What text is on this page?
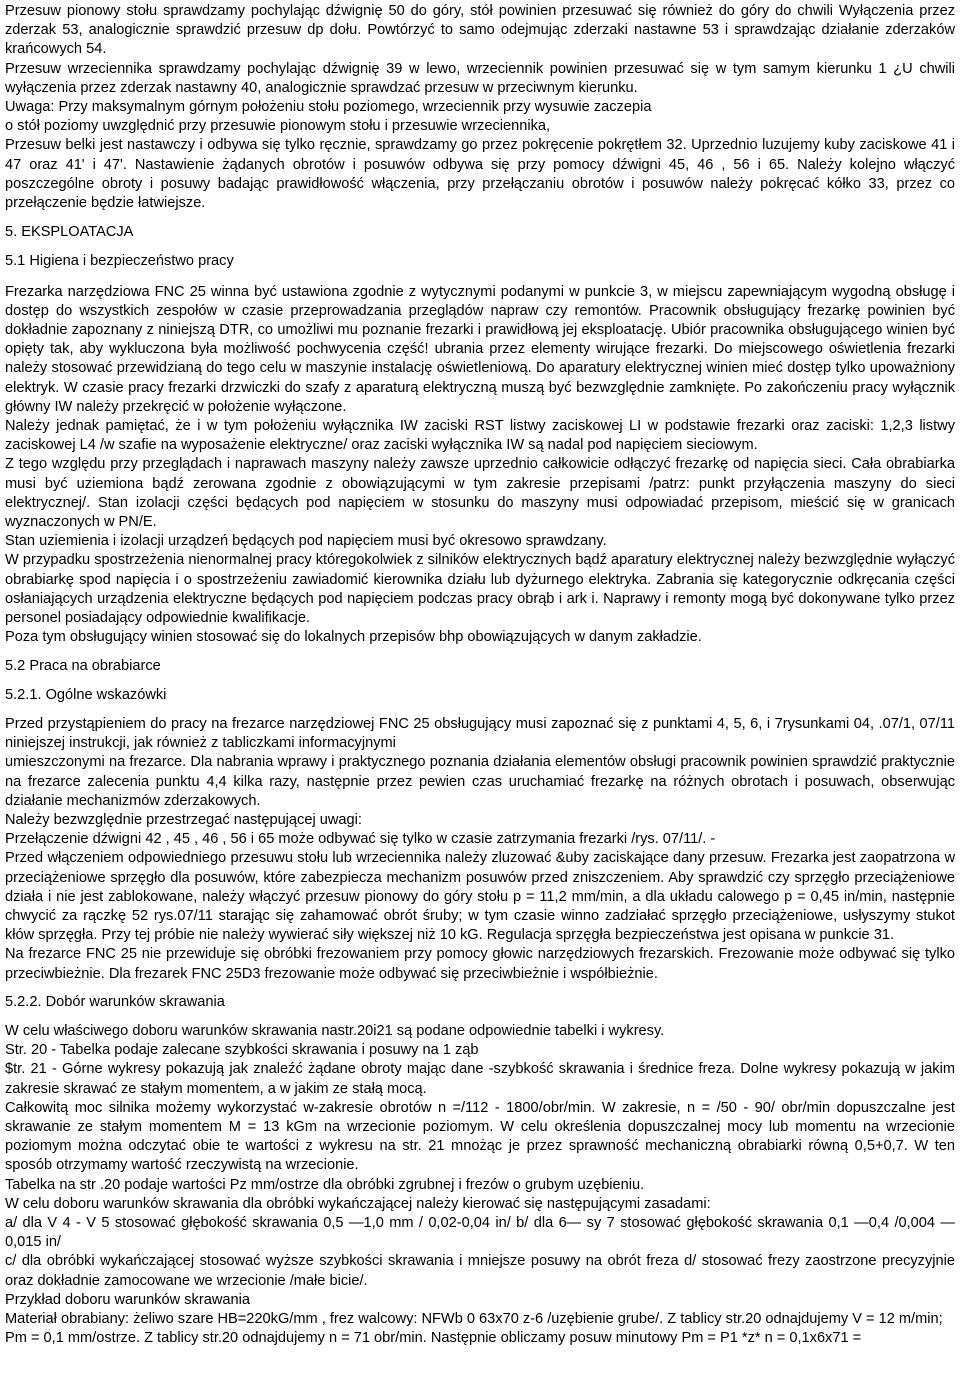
Przesuw pionowy stołu sprawdzamy pochylając dźwignię 50 do góry, stół powinien przesuwać się również do góry do chwili Wyłączenia przez zderzak 53, analogicznie sprawdzić przesuw dp dołu. Powtórzyć to samo odejmując zderzaki nastawne 53 i sprawdzając działanie zderzaków krańcowych 54.

Przesuw wrzeciennika sprawdzamy pochylając dźwignię 39 w lewo, wrzeciennik powinien przesuwać się w tym samym kierunku 1 ¿U chwili wyłączenia przez zderzak nastawny 40, analogicznie sprawdzać przesuw w przeciwnym kierunku.

Uwaga: Przy maksymalnym górnym położeniu stołu poziomego, wrzeciennik przy wysuwie zaczepia

o stół poziomy uwzględnić przy przesuwie pionowym stołu i przesuwie wrzeciennika,

Przesuw belki jest nastawczy i odbywa się tylko ręcznie, sprawdzamy go przez pokręcenie pokrętłem 32. Uprzednio luzujemy kuby zaciskowe 41 i 47 oraz 41' i 47'. Nastawienie żądanych obrotów i posuwów odbywa się przy pomocy dźwigni 45, 46 , 56 i 65. Należy kolejno włączyć poszczególne obroty i posuwy badając prawidłowość włączenia, przy przełączaniu obrotów i posuwów należy pokręcać kółko 33, przez co przełączenie będzie łatwiejsze.

5. EKSPLOATACJA

5.1 Higiena i bezpieczeństwo pracy

Frezarka narzędziowa FNC 25 winna być ustawiona zgodnie z wytycznymi podanymi w punkcie 3, w miejscu zapewniającym wygodną obsługę i dostęp do wszystkich zespołów w czasie przeprowadzania przeglądów napraw czy remontów. Pracownik obsługujący frezarkę powinien być dokładnie zapoznany z niniejszą DTR, co umożliwi mu poznanie frezarki i prawidłową jej eksploatację. Ubiór pracownika obsługującego winien być opięty tak, aby wykluczona była możliwość pochwycenia część! ubrania przez elementy wirujące frezarki. Do miejscowego oświetlenia frezarki należy stosować przewidzianą do tego celu w maszynie instalację oświetleniową. Do aparatury elektrycznej winien mieć dostęp tylko upoważniony elektryk. W czasie pracy frezarki drzwiczki do szafy z aparaturą elektryczną muszą być bezwzględnie zamknięte. Po zakończeniu pracy wyłącznik główny IW należy przekręcić w położenie wyłączone.

Należy jednak pamiętać, że i w tym położeniu wyłącznika IW zaciski RST listwy zaciskowej LI w podstawie frezarki oraz zaciski: 1,2,3 listwy zaciskowej L4 /w szafie na wyposażenie elektryczne/ oraz zaciski wyłącznika IW są nadal pod napięciem sieciowym.

Z tego względu przy przeglądach i naprawach maszyny należy zawsze uprzednio całkowicie odłączyć frezarkę od napięcia sieci. Cała obrabiarka musi być uziemiona bądź zerowana zgodnie z obowiązującymi w tym zakresie przepisami /patrz: punkt przyłączenia maszyny do sieci elektrycznej/. Stan izolacji części będących pod napięciem w stosunku do maszyny musi odpowiadać przepisom, mieścić się w granicach wyznaczonych w PN/E.

Stan uziemienia i izolacji urządzeń będących pod napięciem musi być okresowo sprawdzany.

W przypadku spostrzeżenia nienormalnej pracy któregokolwiek z silników elektrycznych bądź aparatury elektrycznej należy bezwzględnie wyłączyć obrabiarkę spod napięcia i o spostrzeżeniu zawiadomić kierownika działu lub dyżurnego elektryka. Zabrania się kategorycznie odkręcania części osłaniających urządzenia elektryczne będących pod napięciem podczas pracy obrąb i ark i. Naprawy i remonty mogą być dokonywane tylko przez personel posiadający odpowiednie kwalifikacje.

Poza tym obsługujący winien stosować się do lokalnych przepisów bhp obowiązujących w danym zakładzie.

5.2 Praca na obrabiarce

5.2.1. Ogólne wskazówki

Przed przystąpieniem do pracy na frezarce narzędziowej FNC 25 obsługujący musi zapoznać się z punktami 4, 5, 6, i 7rysunkami 04, .07/1, 07/11 niniejszej instrukcji, jak również z tabliczkami informacyjnymi

umieszczonymi na frezarce. Dla nabrania wprawy i praktycznego poznania działania elementów obsługi pracownik powinien sprawdzić praktycznie na frezarce zalecenia punktu 4,4 kilka razy, następnie przez pewien czas uruchamiać frezarkę na różnych obrotach i posuwach, obserwując działanie mechanizmów zderzakowych.

Należy bezwzględnie przestrzegać następującej uwagi:

Przełączenie dźwigni 42 , 45 , 46 , 56 i 65 może odbywać się tylko w czasie zatrzymania frezarki /rys. 07/11/. -

Przed włączeniem odpowiedniego przesuwu stołu lub wrzeciennika należy zluzować &uby zaciskające dany przesuw. Frezarka jest zaopatrzona w przeciążeniowe sprzęgło dla posuwów, które zabezpiecza mechanizm posuwów przed zniszczeniem. Aby sprawdzić czy sprzęgło przeciążeniowe działa i nie jest zablokowane, należy włączyć przesuw pionowy do góry stołu p = 11,2 mm/min, a dla układu calowego p = 0,45 in/min, następnie chwycić za rączkę 52 rys.07/11 starając się zahamować obrót śruby; w tym czasie winno zadziałać sprzęgło przeciążeniowe, usłyszymy stukot kłów sprzęgła. Przy tej próbie nie należy wywierać siły większej niż 10 kG. Regulacja sprzęgła bezpieczeństwa jest opisana w punkcie 31.

Na frezarce FNC 25 nie przewiduje się obróbki frezowaniem przy pomocy głowic narzędziowych frezarskich. Frezowanie może odbywać się tylko przeciwbieżnie. Dla frezarek FNC 25D3 frezowanie może odbywać się przeciwbieżnie i współbieżnie.

5.2.2. Dobór warunków skrawania

W celu właściwego doboru warunków skrawania nastr.20i21 są podane odpowiednie tabelki i wykresy.

Str. 20 - Tabelka podaje zalecane szybkości skrawania i posuwy na 1 ząb

$tr. 21 - Górne wykresy pokazują jak znaleźć żądane obroty mając dane -szybkość skrawania i średnice freza. Dolne wykresy pokazują w jakim zakresie skrawać ze stałym momentem, a w jakim ze stałą mocą.

Całkowitą moc silnika możemy wykorzystać w-zakresie obrotów n =/112 - 1800/obr/min. W zakresie, n = /50 - 90/ obr/min dopuszczalne jest skrawanie ze stałym momentem M = 13 kGm na wrzecionie poziomym. W celu określenia dopuszczalnej mocy lub momentu na wrzecionie poziomym można odczytać obie te wartości z wykresu na str. 21 mnożąc je przez sprawność mechaniczną obrabiarki równą 0,5+0,7. W ten sposób otrzymamy wartość rzeczywistą na wrzecionie.

Tabelka na str .20 podaje wartości Pz mm/ostrze dla obróbki zgrubnej i frezów o grubym uzębieniu.

W celu doboru warunków skrawania dla obróbki wykańczającej należy kierować się następującymi zasadami:

a/ dla V 4 - V 5 stosować głębokość skrawania 0,5 —1,0 mm / 0,02-0,04 in/ b/ dla 6— sy 7 stosować głębokość skrawania 0,1 —0,4 /0,004 — 0,015 in/

c/ dla obróbki wykańczającej stosować wyższe szybkości skrawania i mniejsze posuwy na obrót freza d/ stosować frezy zaostrzone precyzyjnie oraz dokładnie zamocowane we wrzecionie /małe bicie/.

Przykład doboru warunków skrawania

Materiał obrabiany: żeliwo szare HB=220kG/mm , frez walcowy: NFWb 0 63x70 z-6 /uzębienie grube/. Z tablicy str.20 odnajdujemy V = 12 m/min;

Pm = 0,1 mm/ostrze. Z tablicy str.20 odnajdujemy n = 71 obr/min. Następnie obliczamy posuw minutowy Pm = P1 *z* n = 0,1x6x71 =
